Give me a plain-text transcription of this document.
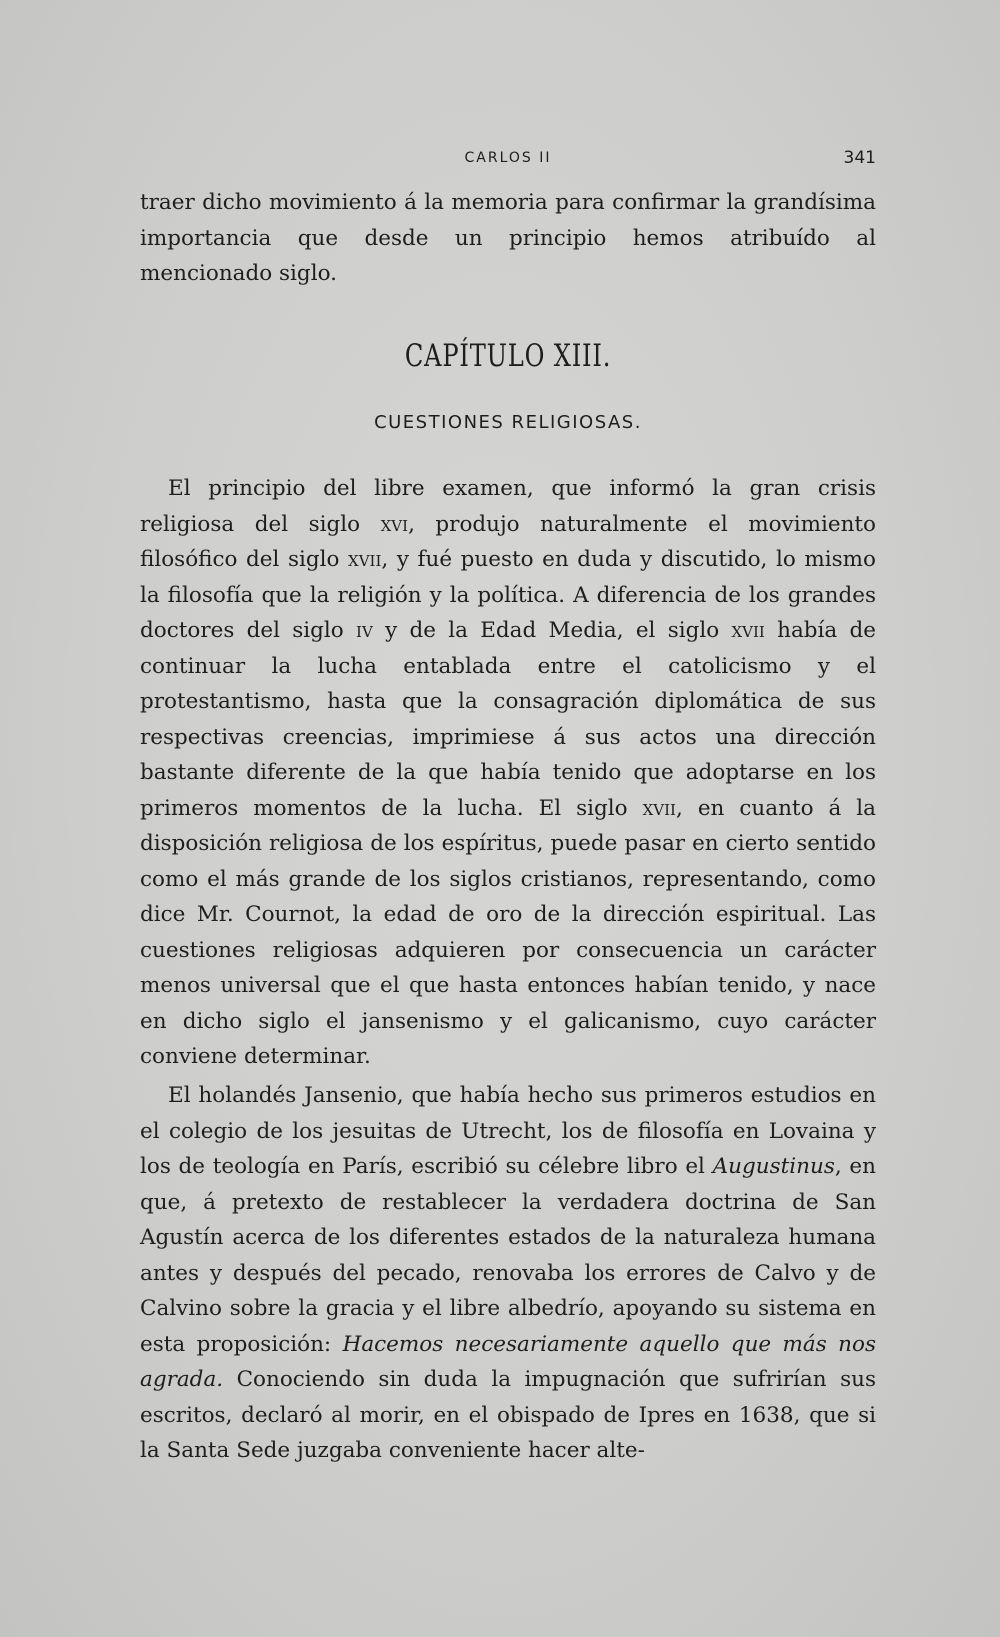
CARLOS II	341

traer dicho movimiento á la memoria para confirmar la grandísima importancia que desde un principio hemos atribuído al mencionado siglo.

CAPÍTULO XIII.
CUESTIONES RELIGIOSAS.

El principio del libre examen, que informó la gran crisis religiosa del siglo xvi, produjo naturalmente el movimiento filosófico del siglo xvii, y fué puesto en duda y discutido, lo mismo la filosofía que la religión y la política. A diferencia de los grandes doctores del siglo iv y de la Edad Media, el siglo xvii había de continuar la lucha entablada entre el catolicismo y el protestantismo, hasta que la consagración diplomática de sus respectivas creencias, imprimiese á sus actos una dirección bastante diferente de la que había tenido que adoptarse en los primeros momentos de la lucha. El siglo xvii, en cuanto á la disposición religiosa de los espíritus, puede pasar en cierto sentido como el más grande de los siglos cristianos, representando, como dice Mr. Cournot, la edad de oro de la dirección espiritual. Las cuestiones religiosas adquieren por consecuencia un carácter menos universal que el que hasta entonces habían tenido, y nace en dicho siglo el jansenismo y el galicanismo, cuyo carácter conviene determinar.

El holandés Jansenio, que había hecho sus primeros estudios en el colegio de los jesuitas de Utrecht, los de filosofía en Lovaina y los de teología en París, escribió su célebre libro el Augustinus, en que, á pretexto de restablecer la verdadera doctrina de San Agustín acerca de los diferentes estados de la naturaleza humana antes y después del pecado, renovaba los errores de Calvo y de Calvino sobre la gracia y el libre albedrío, apoyando su sistema en esta proposición: Hacemos necesariamente aquello que más nos agrada. Conociendo sin duda la impugnación que sufrirían sus escritos, declaró al morir, en el obispado de Ipres en 1638, que si la Santa Sede juzgaba conveniente hacer alte-
